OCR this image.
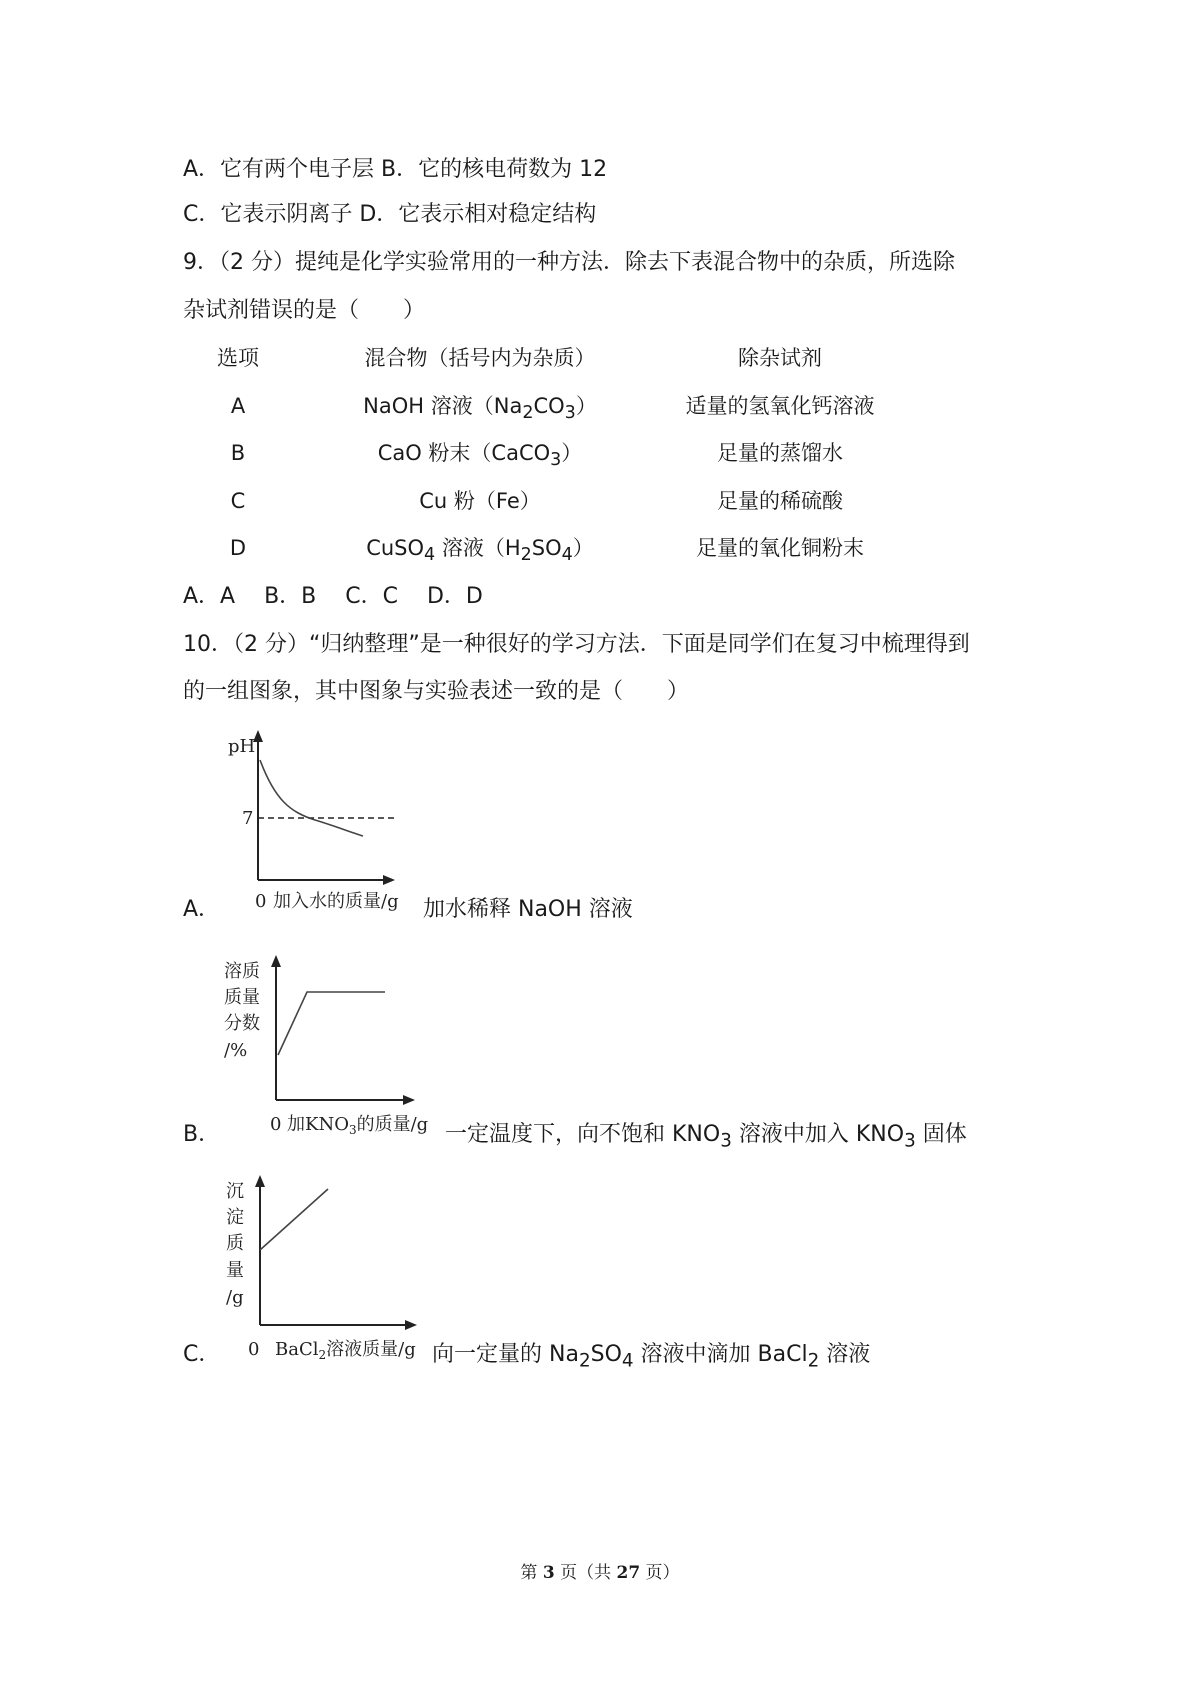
A．它有两个电子层 B．它的核电荷数为 12
C．它表示阴离子 D．它表示相对稳定结构
9．（2 分）提纯是化学实验常用的一种方法．除去下表混合物中的杂质，所选除
杂试剂错误的是（　　）
选项	混合物（括号内为杂质）	除杂试剂
A	NaOH 溶液$(Na_2CO_3)$	适量的氢氧化钙溶液
B	CaO 粉末（CaCO$_3$）	足量的蒸馏水
C	Cu 粉（Fe）	足量的稀硫酸
D	CuSO$_4$ 溶液$(H_2SO_4)$	足量的氧化铜粉末
A．A　 B．B　 C．C　 D．D
10．（2 分）“归纳整理”是一种很好的学习方法．下面是同学们在复习中梳理得到
的一组图象，其中图象与实验表述一致的是（　　）
A．
pH
7
0 加入水的质量/g 加水稀释 NaOH 溶液
B．
溶质
质量
分数
/%
0 加$KNO_3$的质量/g 一定温度下，向不饱和 $KNO_3$ 溶液中加入 $KNO_3$ 固体
C．
沉
淀
质
量
/g
0 BaCl$_2$溶液质量/g 向一定量的 $Na_2SO_4$ 溶液中滴加 BaCl$_2$ 溶液
第 3 页（共 27 页）
